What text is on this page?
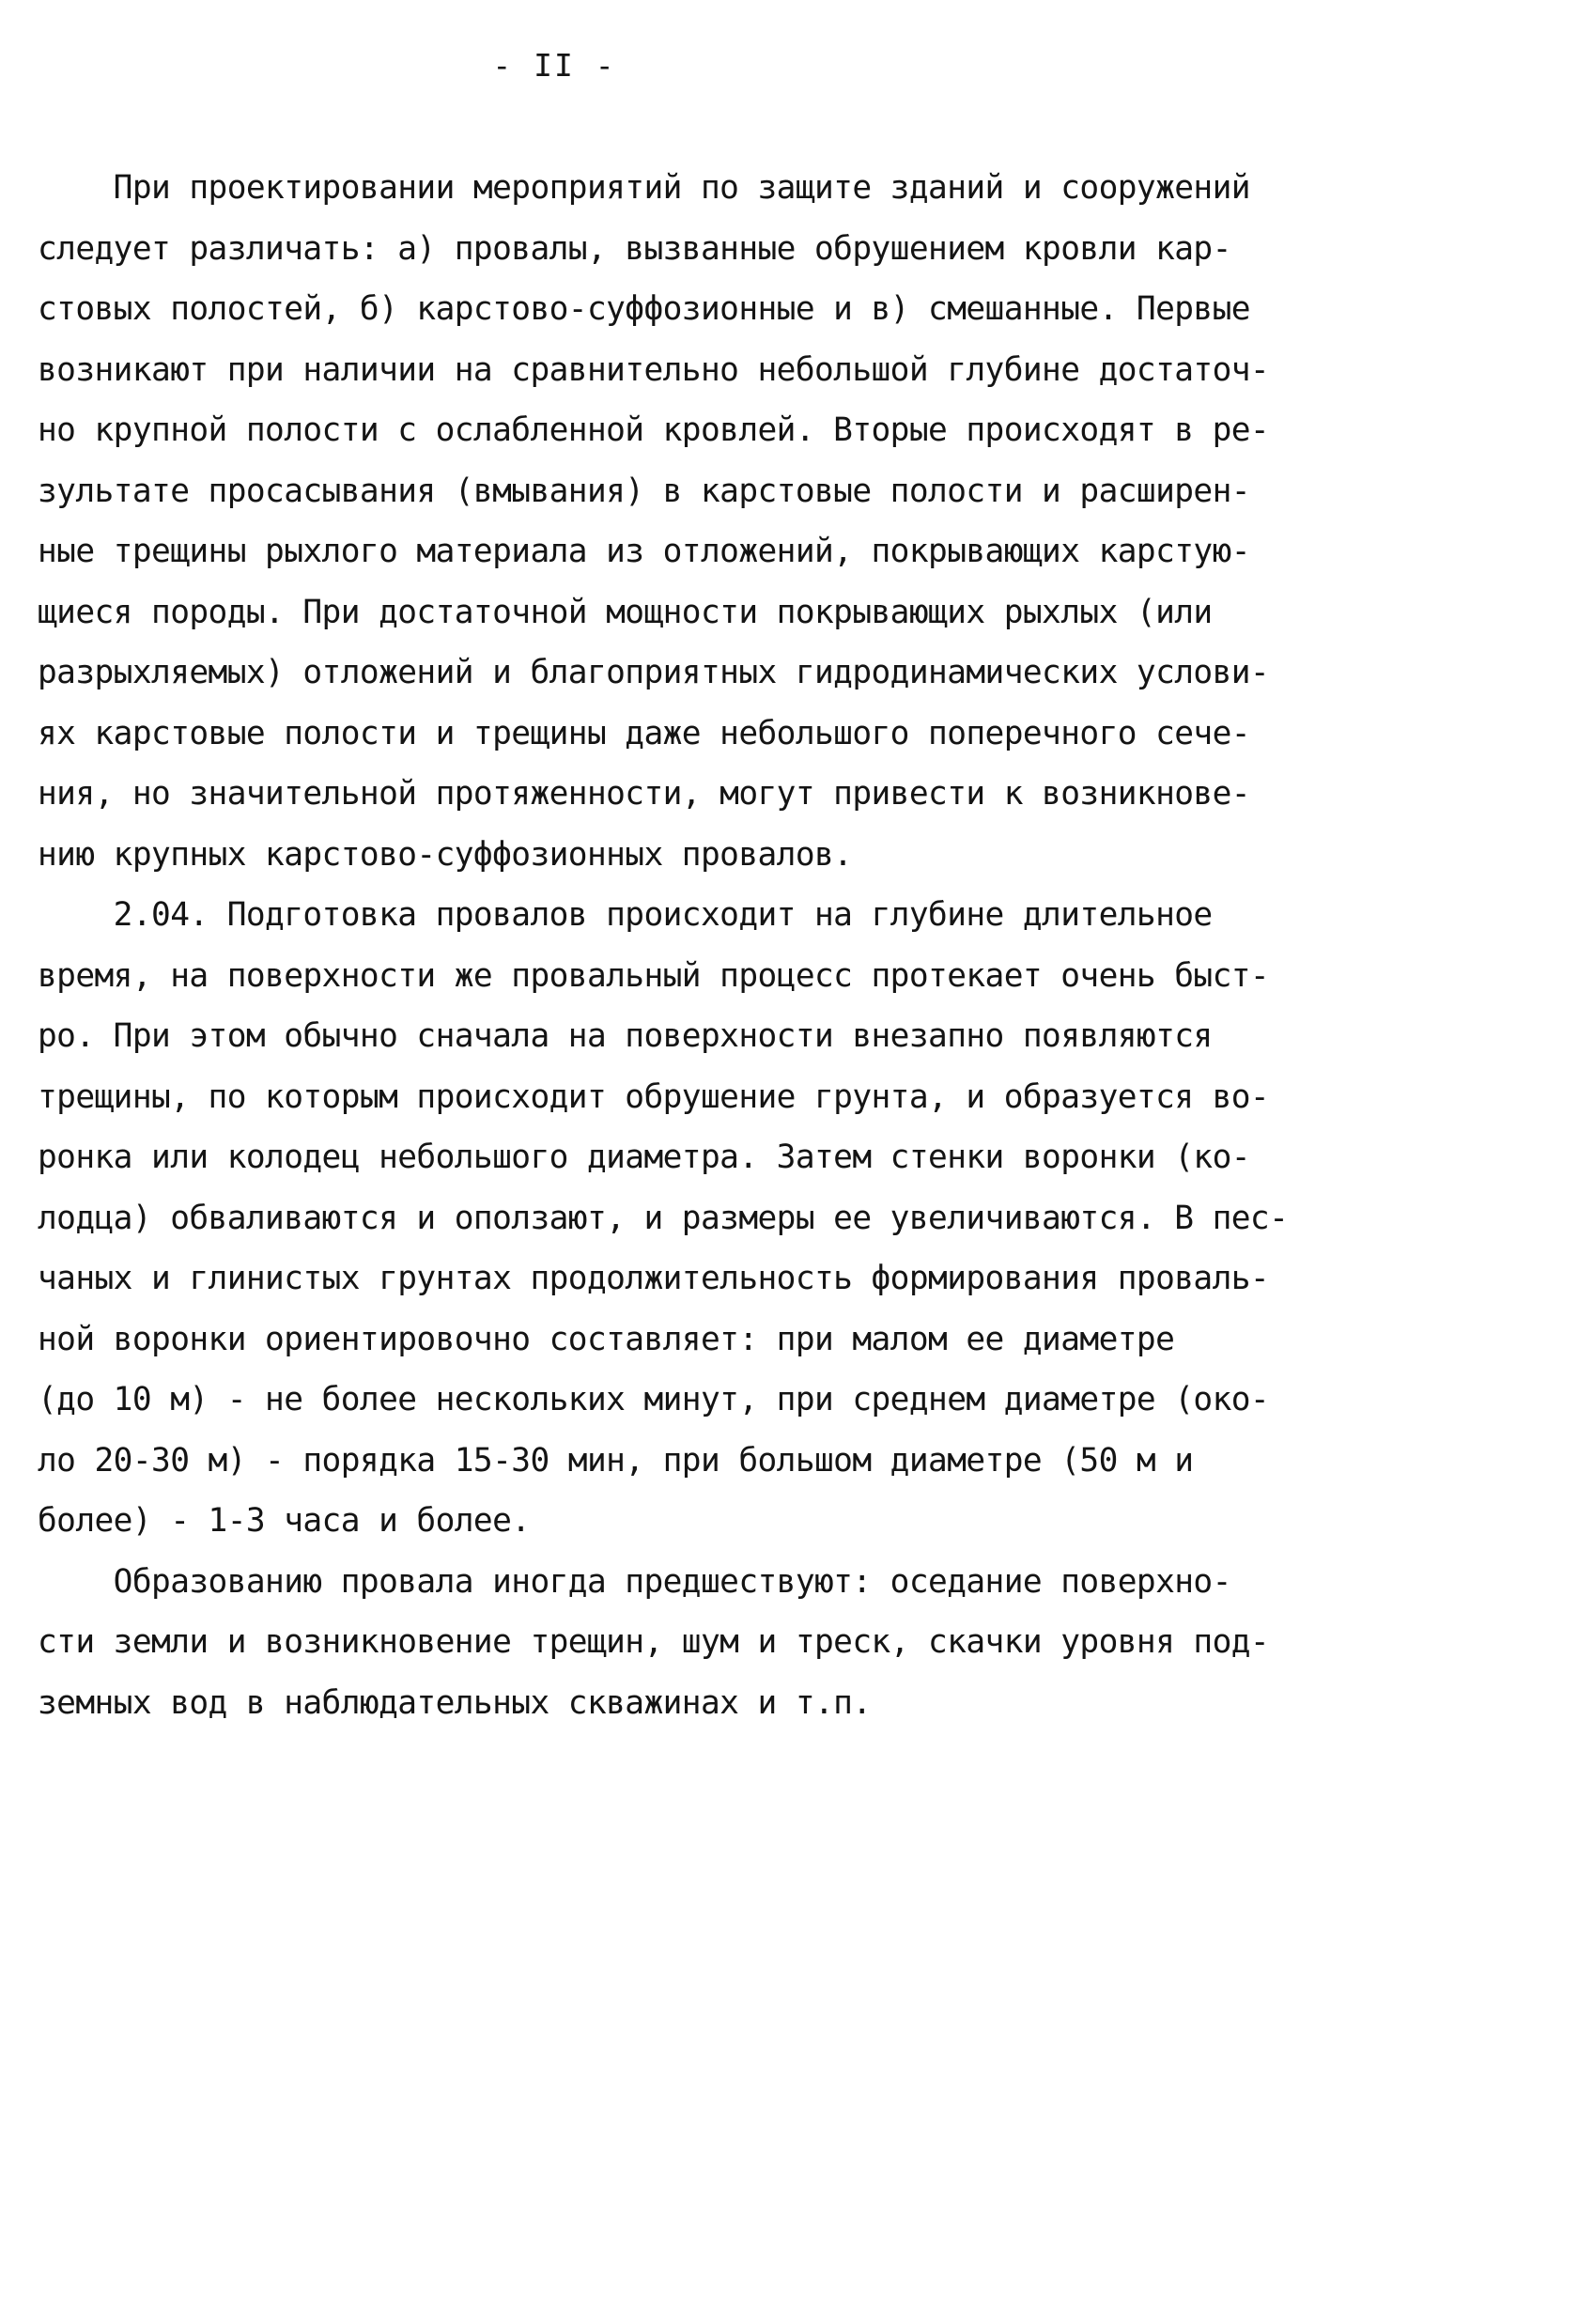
- II -
При проектировании мероприятий по защите зданий и сооружений
следует различать: а) провалы, вызванные обрушением кровли кар-
стовых полостей, б) карстово-суффозионные и в) смешанные. Первые
возникают при наличии на сравнительно небольшой глубине достаточ-
но крупной полости с ослабленной кровлей. Вторые происходят в ре-
зультате просасывания (вмывания) в карстовые полости и расширен-
ные трещины рыхлого материала из отложений, покрывающих карстую-
щиеся породы. При достаточной мощности покрывающих рыхлых (или
разрыхляемых) отложений и благоприятных гидродинамических услови-
ях карстовые полости и трещины даже небольшого поперечного сече-
ния, но значительной протяженности, могут привести к возникнове-
нию крупных карстово-суффозионных провалов.
2.04. Подготовка провалов происходит на глубине длительное
время, на поверхности же провальный процесс протекает очень быст-
ро. При этом обычно сначала на поверхности внезапно появляются
трещины, по которым происходит обрушение грунта, и образуется во-
ронка или колодец небольшого диаметра. Затем стенки воронки (ко-
лодца) обваливаются и оползают, и размеры ее увеличиваются. В пес-
чаных и глинистых грунтах продолжительность формирования проваль-
ной воронки ориентировочно составляет: при малом ее диаметре
(до 10 м) - не более нескольких минут, при среднем диаметре (око-
ло 20-30 м) - порядка 15-30 мин, при большом диаметре (50 м и
более) - 1-3 часа и более.
Образованию провала иногда предшествуют: оседание поверхно-
сти земли и возникновение трещин, шум и треск, скачки уровня под-
земных вод в наблюдательных скважинах и т.п.
